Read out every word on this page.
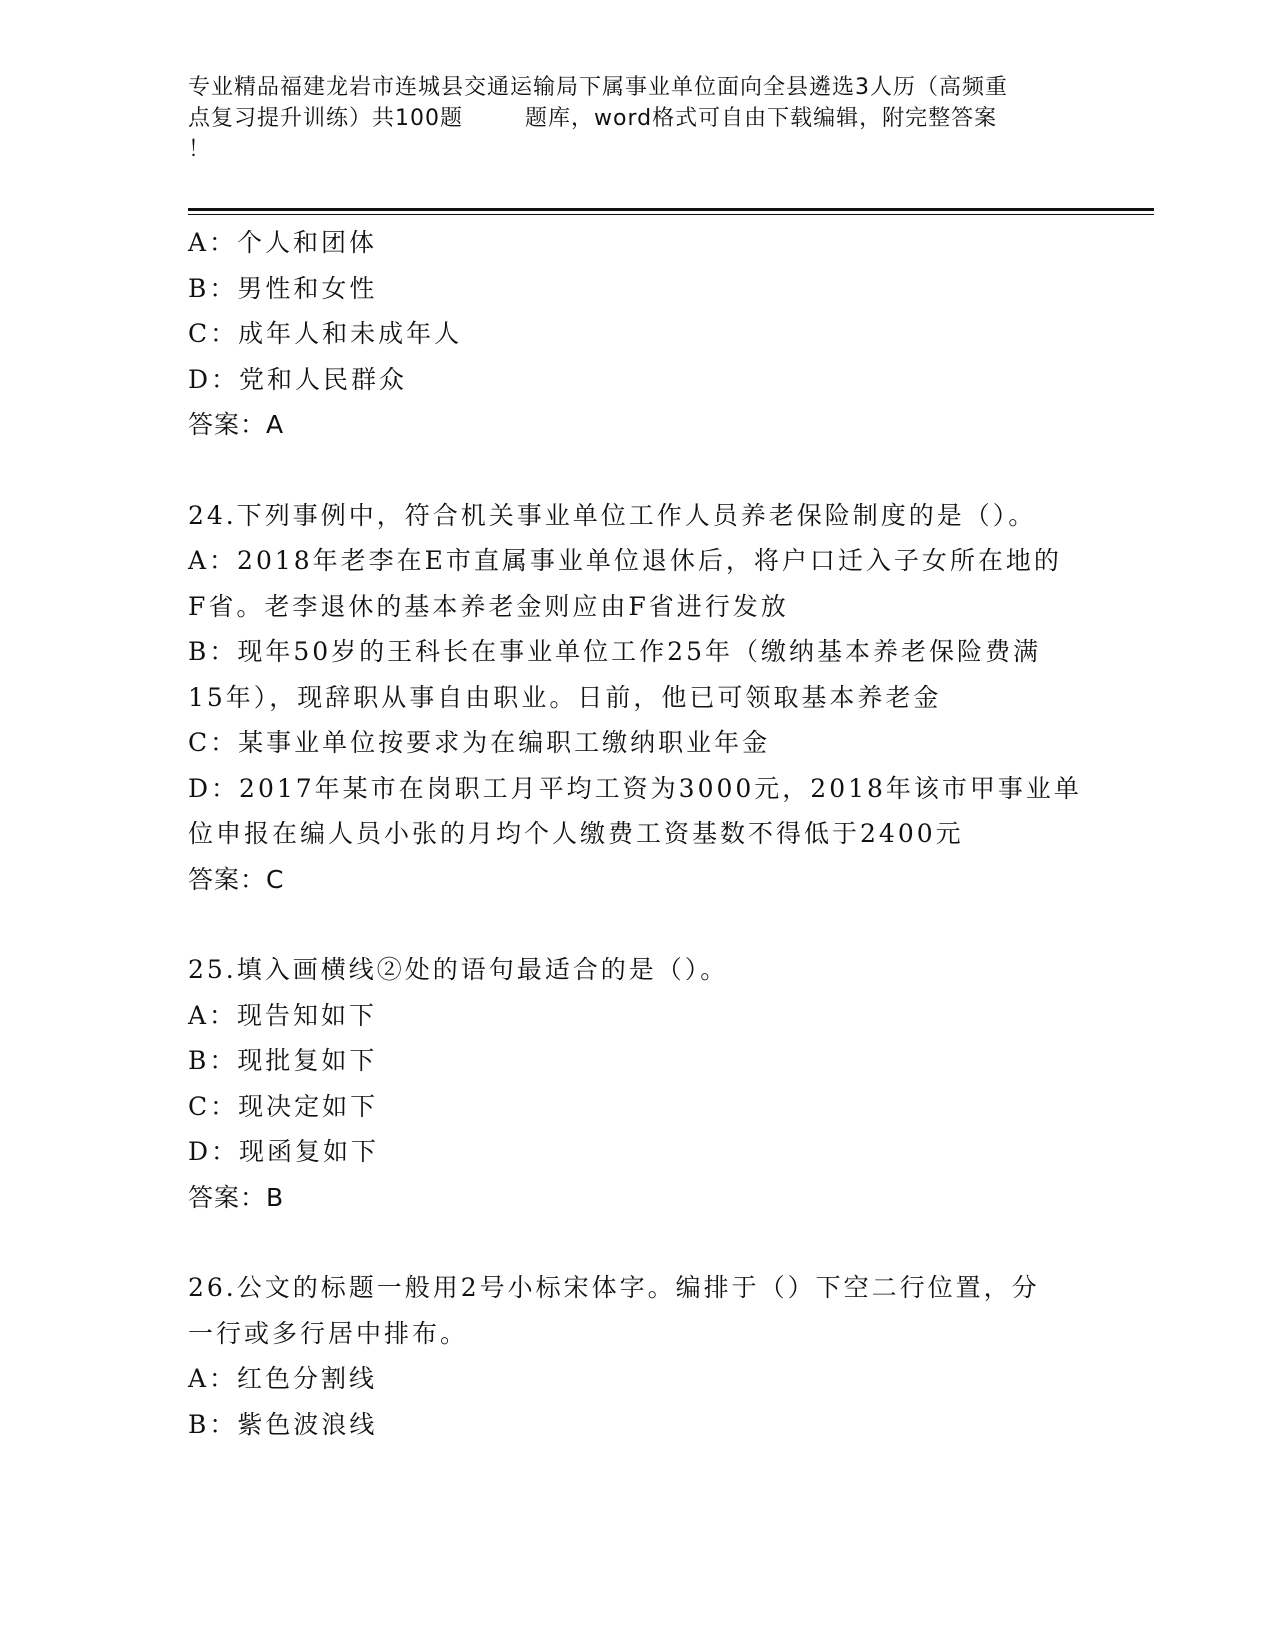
专业精品福建龙岩市连城县交通运输局下属事业单位面向全县遴选3人历（高频重
点复习提升训练）共100题	题库，word格式可自由下载编辑，附完整答案
！
A：个人和团体
B：男性和女性
C：成年人和未成年人
D：党和人民群众
答案：A
24.下列事例中，符合机关事业单位工作人员养老保险制度的是（）。
A：2018年老李在E市直属事业单位退休后，将户口迁入子女所在地的
F省。老李退休的基本养老金则应由F省进行发放
B：现年50岁的王科长在事业单位工作25年（缴纳基本养老保险费满
15年），现辞职从事自由职业。日前，他已可领取基本养老金
C：某事业单位按要求为在编职工缴纳职业年金
D：2017年某市在岗职工月平均工资为3000元，2018年该市甲事业单
位申报在编人员小张的月均个人缴费工资基数不得低于2400元
答案：C
25.填入画横线②处的语句最适合的是（）。
A：现告知如下
B：现批复如下
C：现决定如下
D：现函复如下
答案：B
26.公文的标题一般用2号小标宋体字。编排于（）下空二行位置，分
一行或多行居中排布。
A：红色分割线
B：紫色波浪线
